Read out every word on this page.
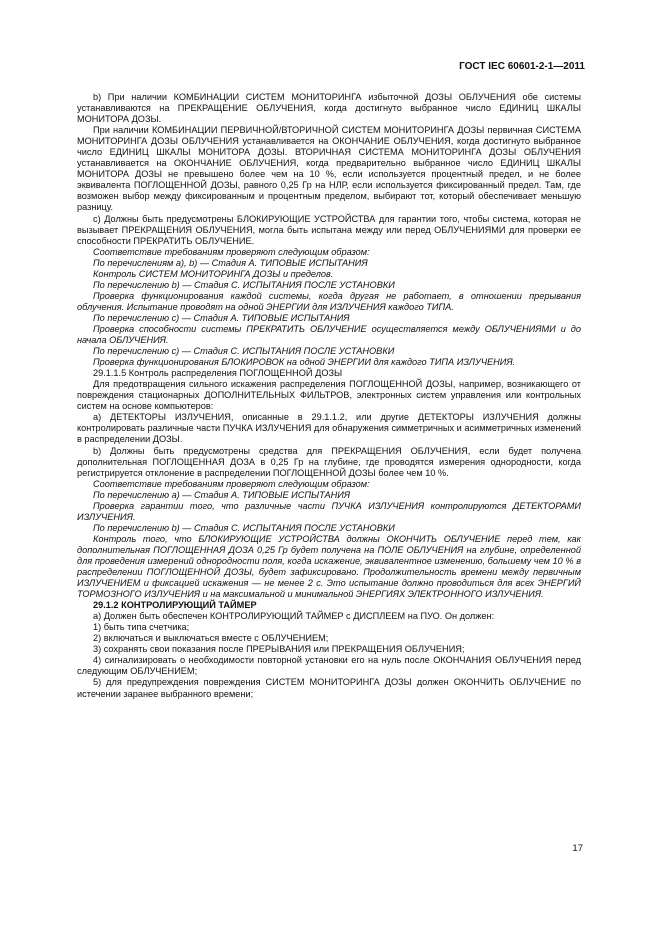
ГОСТ IEC 60601-2-1—2011

b) При наличии КОМБИНАЦИИ СИСТЕМ МОНИТОРИНГА избыточной ДОЗЫ ОБЛУЧЕНИЯ обе системы устанавливаются на ПРЕКРАЩЕНИЕ ОБЛУЧЕНИЯ, когда достигнуто выбранное число ЕДИНИЦ ШКАЛЫ МОНИТОРА ДОЗЫ.

При наличии КОМБИНАЦИИ ПЕРВИЧНОЙ/ВТОРИЧНОЙ СИСТЕМ МОНИТОРИНГА ДОЗЫ первичная СИСТЕМА МОНИТОРИНГА ДОЗЫ ОБЛУЧЕНИЯ устанавливается на ОКОНЧАНИЕ ОБЛУЧЕНИЯ, когда достигнуто выбранное число ЕДИНИЦ ШКАЛЫ МОНИТОРА ДОЗЫ. ВТОРИЧНАЯ СИСТЕМА МОНИТОРИНГА ДОЗЫ ОБЛУЧЕНИЯ устанавливается на ОКОНЧАНИЕ ОБЛУЧЕНИЯ, когда предварительно выбранное число ЕДИНИЦ ШКАЛЫ МОНИТОРА ДОЗЫ не превышено более чем на 10 %, если используется процентный предел, и не более эквивалента ПОГЛОЩЕННОЙ ДОЗЫ, равного 0,25 Гр на НЛР, если используется фиксированный предел. Там, где возможен выбор между фиксированным и процентным пределом, выбирают тот, который обеспечивает меньшую разницу.

c) Должны быть предусмотрены БЛОКИРУЮЩИЕ УСТРОЙСТВА для гарантии того, чтобы система, которая не вызывает ПРЕКРАЩЕНИЯ ОБЛУЧЕНИЯ, могла быть испытана между или перед ОБЛУЧЕНИЯМИ для проверки ее способности ПРЕКРАТИТЬ ОБЛУЧЕНИЕ.

Соответствие требованиям проверяют следующим образом:

По перечислениям а), b) — Стадия А. ТИПОВЫЕ ИСПЫТАНИЯ

Контроль СИСТЕМ МОНИТОРИНГА ДОЗЫ и пределов.

По перечислению b) — Стадия С. ИСПЫТАНИЯ ПОСЛЕ УСТАНОВКИ

Проверка функционирования каждой системы, когда другая не работает, в отношении прерывания облучения. Испытание проводят на одной ЭНЕРГИИ для ИЗЛУЧЕНИЯ каждого ТИПА.

По перечислению с) — Стадия А. ТИПОВЫЕ ИСПЫТАНИЯ

Проверка способности системы ПРЕКРАТИТЬ ОБЛУЧЕНИЕ осуществляется между ОБЛУЧЕНИЯМИ и до начала ОБЛУЧЕНИЯ.

По перечислению с) — Стадия С. ИСПЫТАНИЯ ПОСЛЕ УСТАНОВКИ

Проверка функционирования БЛОКИРОВОК на одной ЭНЕРГИИ для каждого ТИПА ИЗЛУЧЕНИЯ.

29.1.1.5 Контроль распределения ПОГЛОЩЕННОЙ ДОЗЫ

Для предотвращения сильного искажения распределения ПОГЛОЩЕННОЙ ДОЗЫ, например, возникающего от повреждения стационарных ДОПОЛНИТЕЛЬНЫХ ФИЛЬТРОВ, электронных систем управления или контрольных систем на основе компьютеров:

а) ДЕТЕКТОРЫ ИЗЛУЧЕНИЯ, описанные в 29.1.1.2, или другие ДЕТЕКТОРЫ ИЗЛУЧЕНИЯ должны контролировать различные части ПУЧКА ИЗЛУЧЕНИЯ для обнаружения симметричных и асимметричных изменений в распределении ДОЗЫ.

b) Должны быть предусмотрены средства для ПРЕКРАЩЕНИЯ ОБЛУЧЕНИЯ, если будет получена дополнительная ПОГЛОЩЕННАЯ ДОЗА в 0,25 Гр на глубине, где проводятся измерения однородности, когда регистрируется отклонение в распределении ПОГЛОЩЕННОЙ ДОЗЫ более чем 10 %.

Соответствие требованиям проверяют следующим образом:

По перечислению а) — Стадия А. ТИПОВЫЕ ИСПЫТАНИЯ

Проверка гарантии того, что различные части ПУЧКА ИЗЛУЧЕНИЯ контролируются ДЕТЕКТОРАМИ ИЗЛУЧЕНИЯ.

По перечислению b) — Стадия С. ИСПЫТАНИЯ ПОСЛЕ УСТАНОВКИ

Контроль того, что БЛОКИРУЮЩИЕ УСТРОЙСТВА должны ОКОНЧИТЬ ОБЛУЧЕНИЕ перед тем, как дополнительная ПОГЛОЩЕННАЯ ДОЗА 0,25 Гр будет получена на ПОЛЕ ОБЛУЧЕНИЯ на глубине, определенной для проведения измерений однородности поля, когда искажение, эквивалентное изменению, большему чем 10 % в распределении ПОГЛОЩЕННОЙ ДОЗЫ, будет зафиксировано. Продолжительность времени между первичным ИЗЛУЧЕНИЕМ и фиксацией искажения — не менее 2 с. Это испытание должно проводиться для всех ЭНЕРГИЙ ТОРМОЗНОГО ИЗЛУЧЕНИЯ и на максимальной и минимальной ЭНЕРГИЯХ ЭЛЕКТРОННОГО ИЗЛУЧЕНИЯ.

29.1.2 КОНТРОЛИРУЮЩИЙ ТАЙМЕР

а) Должен быть обеспечен КОНТРОЛИРУЮЩИЙ ТАЙМЕР с ДИСПЛЕЕМ на ПУО. Он должен:

1) быть типа счетчика;

2) включаться и выключаться вместе с ОБЛУЧЕНИЕМ;

3) сохранять свои показания после ПРЕРЫВАНИЯ или ПРЕКРАЩЕНИЯ ОБЛУЧЕНИЯ;

4) сигнализировать о необходимости повторной установки его на нуль после ОКОНЧАНИЯ ОБЛУЧЕНИЯ перед следующим ОБЛУЧЕНИЕМ;

5) для предупреждения повреждения СИСТЕМ МОНИТОРИНГА ДОЗЫ должен ОКОНЧИТЬ ОБЛУЧЕНИЕ по истечении заранее выбранного времени;

17
